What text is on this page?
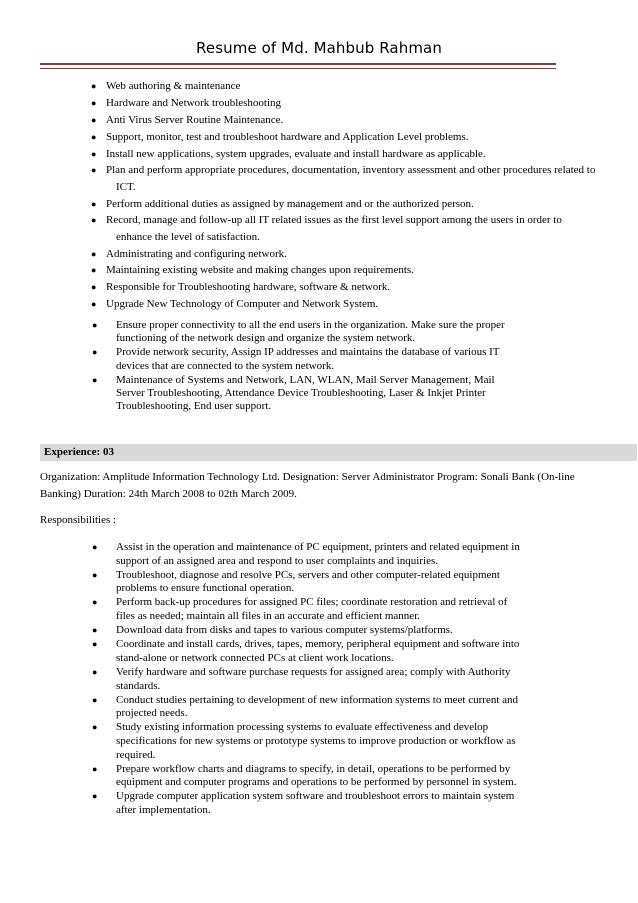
Resume of Md. Mahbub Rahman
● Web authoring & maintenance
● Hardware and Network troubleshooting
● Anti Virus Server Routine Maintenance.
● Support, monitor, test and troubleshoot hardware and Application Level problems.
● Install new applications, system upgrades, evaluate and install hardware as applicable.
● Plan and perform appropriate procedures, documentation, inventory assessment and other procedures related to
ICT.
● Perform additional duties as assigned by management and or the authorized person.
● Record, manage and follow-up all IT related issues as the first level support among the users in order to
enhance the level of satisfaction.
● Administrating and configuring network.
● Maintaining existing website and making changes upon requirements.
● Responsible for Troubleshooting hardware, software & network.
● Upgrade New Technology of Computer and Network System.
● Ensure proper connectivity to all the end users in the organization. Make sure the proper
functioning of the network design and organize the system network.
● Provide network security, Assign IP addresses and maintains the database of various IT
devices that are connected to the system network.
● Maintenance of Systems and Network, LAN, WLAN, Mail Server Management, Mail
Server Troubleshooting, Attendance Device Troubleshooting, Laser & Inkjet Printer
Troubleshooting, End user support.
Experience: 03
Organization: Amplitude Information Technology Ltd. Designation: Server Administrator Program: Sonali Bank (On-line
Banking) Duration: 24th March 2008 to 02th March 2009.
Responsibilities :
● Assist in the operation and maintenance of PC equipment, printers and related equipment in
support of an assigned area and respond to user complaints and inquiries.
● Troubleshoot, diagnose and resolve PCs, servers and other computer-related equipment
problems to ensure functional operation.
● Perform back-up procedures for assigned PC files; coordinate restoration and retrieval of
files as needed; maintain all files in an accurate and efficient manner.
● Download data from disks and tapes to various computer systems/platforms.
● Coordinate and install cards, drives, tapes, memory, peripheral equipment and software into
stand-alone or network connected PCs at client work locations.
● Verify hardware and software purchase requests for assigned area; comply with Authority
standards.
● Conduct studies pertaining to development of new information systems to meet current and
projected needs.
● Study existing information processing systems to evaluate effectiveness and develop
specifications for new systems or prototype systems to improve production or workflow as
required.
● Prepare workflow charts and diagrams to specify, in detail, operations to be performed by
equipment and computer programs and operations to be performed by personnel in system.
● Upgrade computer application system software and troubleshoot errors to maintain system
after implementation.
